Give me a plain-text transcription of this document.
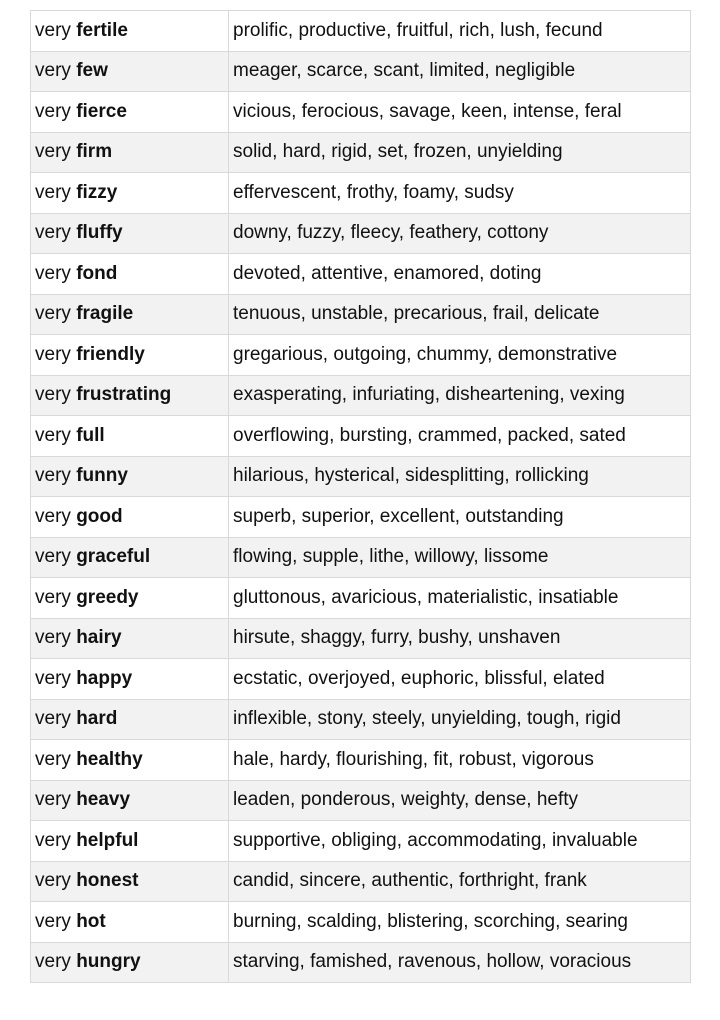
very fertile	prolific, productive, fruitful, rich, lush, fecund
very few	meager, scarce, scant, limited, negligible
very fierce	vicious, ferocious, savage, keen, intense, feral
very firm	solid, hard, rigid, set, frozen, unyielding
very fizzy	effervescent, frothy, foamy, sudsy
very fluffy	downy, fuzzy, fleecy, feathery, cottony
very fond	devoted, attentive, enamored, doting
very fragile	tenuous, unstable, precarious, frail, delicate
very friendly	gregarious, outgoing, chummy, demonstrative
very frustrating	exasperating, infuriating, disheartening, vexing
very full	overflowing, bursting, crammed, packed, sated
very funny	hilarious, hysterical, sidesplitting, rollicking
very good	superb, superior, excellent, outstanding
very graceful	flowing, supple, lithe, willowy, lissome
very greedy	gluttonous, avaricious, materialistic, insatiable
very hairy	hirsute, shaggy, furry, bushy, unshaven
very happy	ecstatic, overjoyed, euphoric, blissful, elated
very hard	inflexible, stony, steely, unyielding, tough, rigid
very healthy	hale, hardy, flourishing, fit, robust, vigorous
very heavy	leaden, ponderous, weighty, dense, hefty
very helpful	supportive, obliging, accommodating, invaluable
very honest	candid, sincere, authentic, forthright, frank
very hot	burning, scalding, blistering, scorching, searing
very hungry	starving, famished, ravenous, hollow, voracious
